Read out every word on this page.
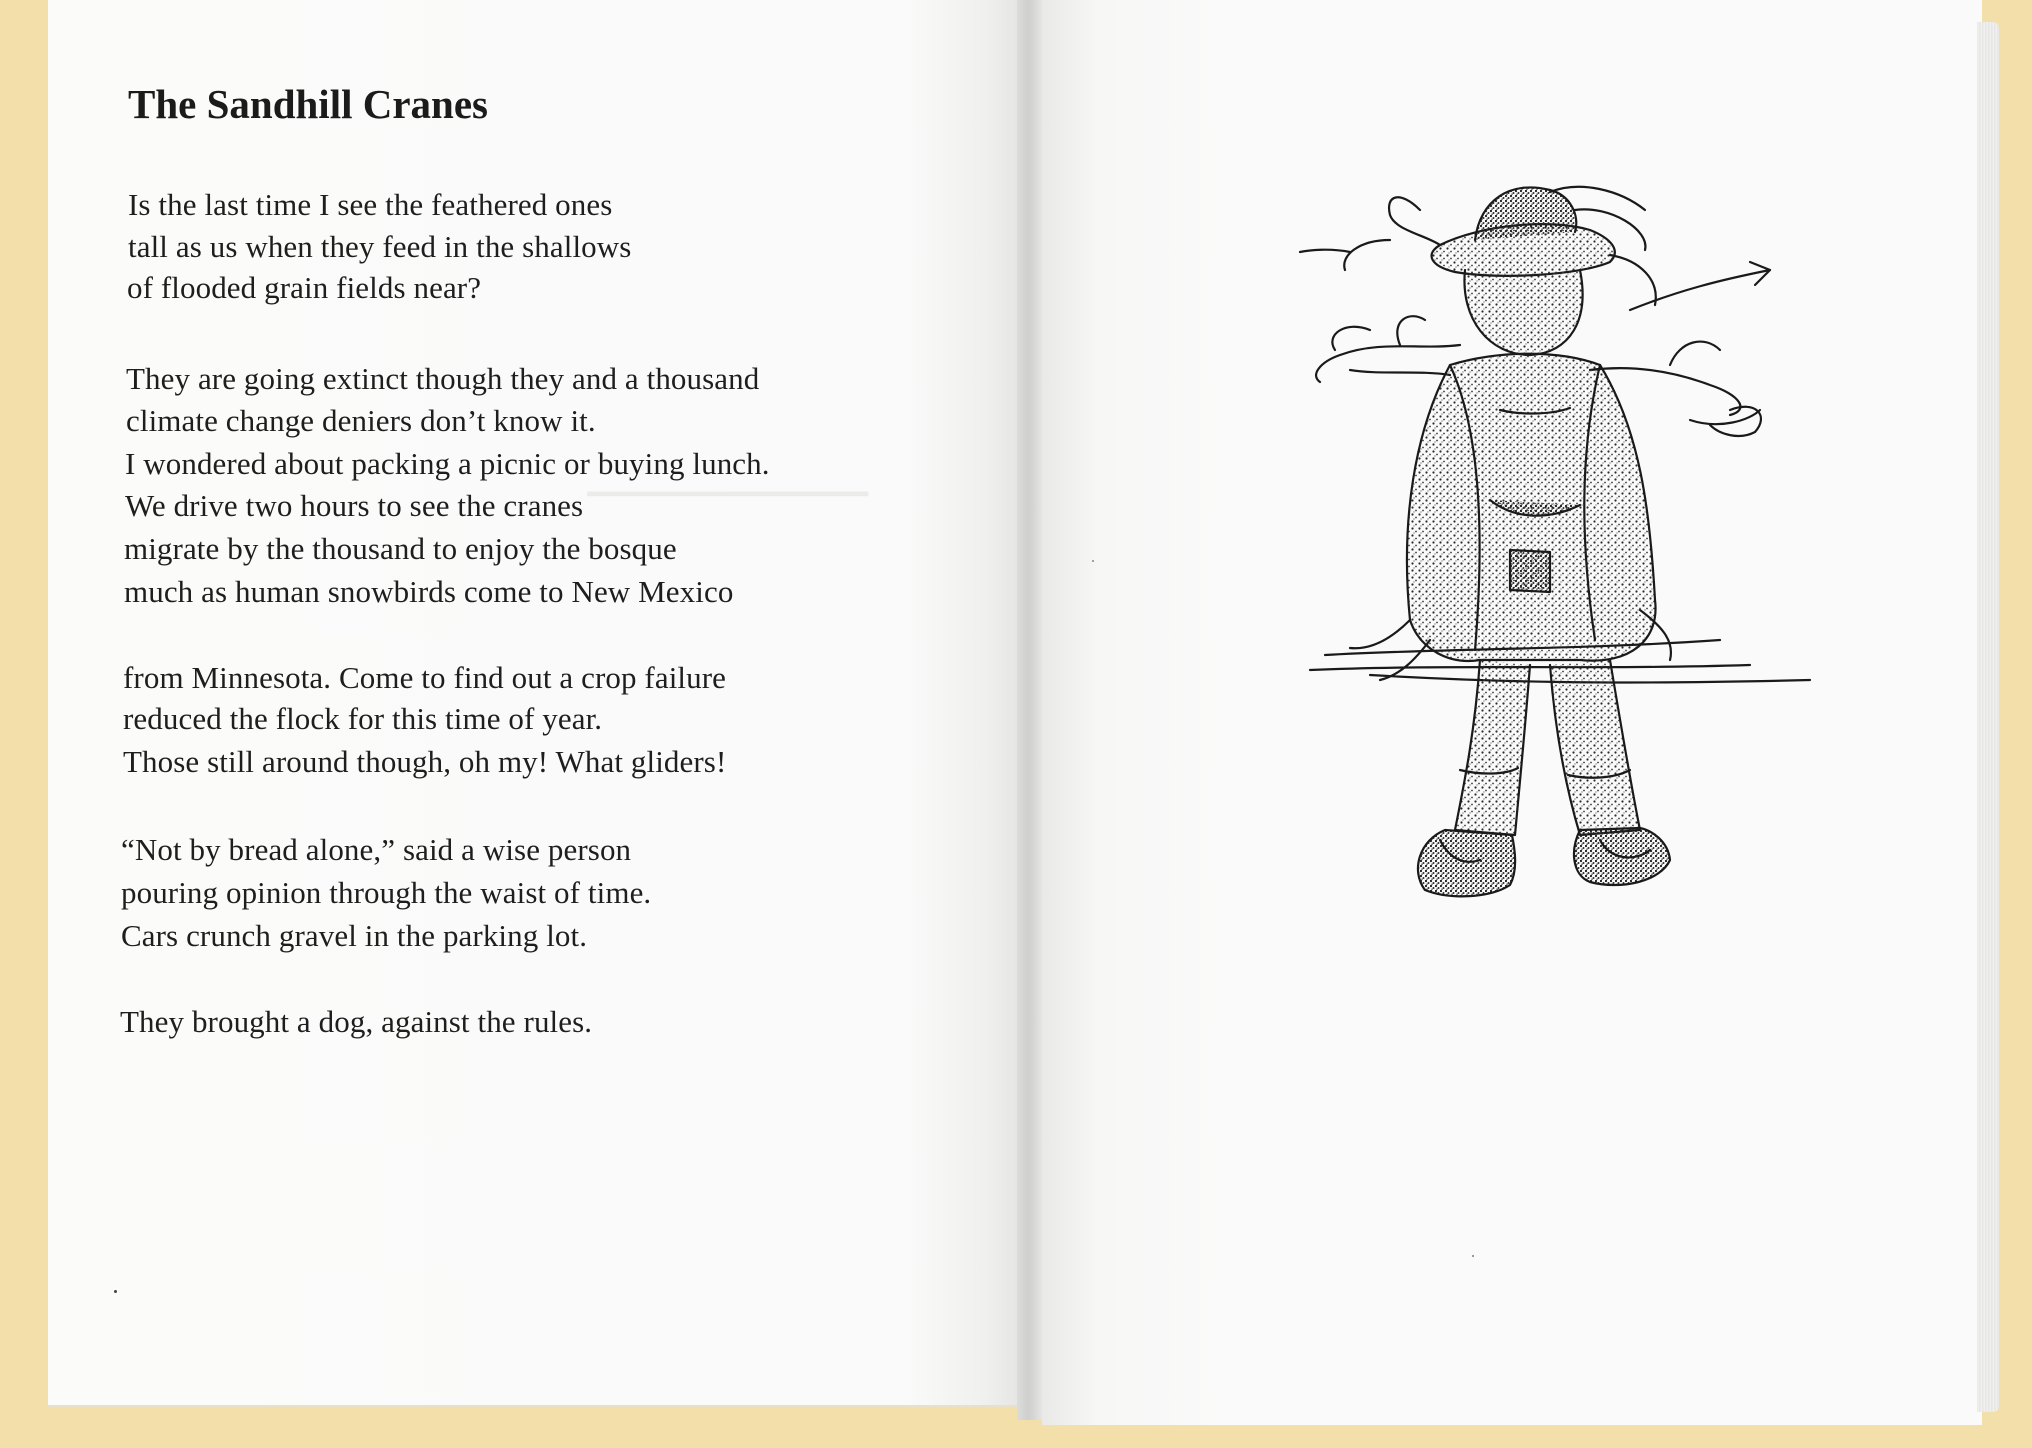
──────
The Sandhill Cranes
Is the last time I see the feathered ones
tall as us when they feed in the shallows
of flooded grain fields near?
They are going extinct though they and a thousand
climate change deniers don’t know it.
I wondered about packing a picnic or buying lunch.
We drive two hours to see the cranes
migrate by the thousand to enjoy the bosque
much as human snowbirds come to New Mexico
from Minnesota. Come to find out a crop failure
reduced the flock for this time of year.
Those still around though, oh my! What gliders!
“Not by bread alone,” said a wise person
pouring opinion through the waist of time.
Cars crunch gravel in the parking lot.
They brought a dog, against the rules.
